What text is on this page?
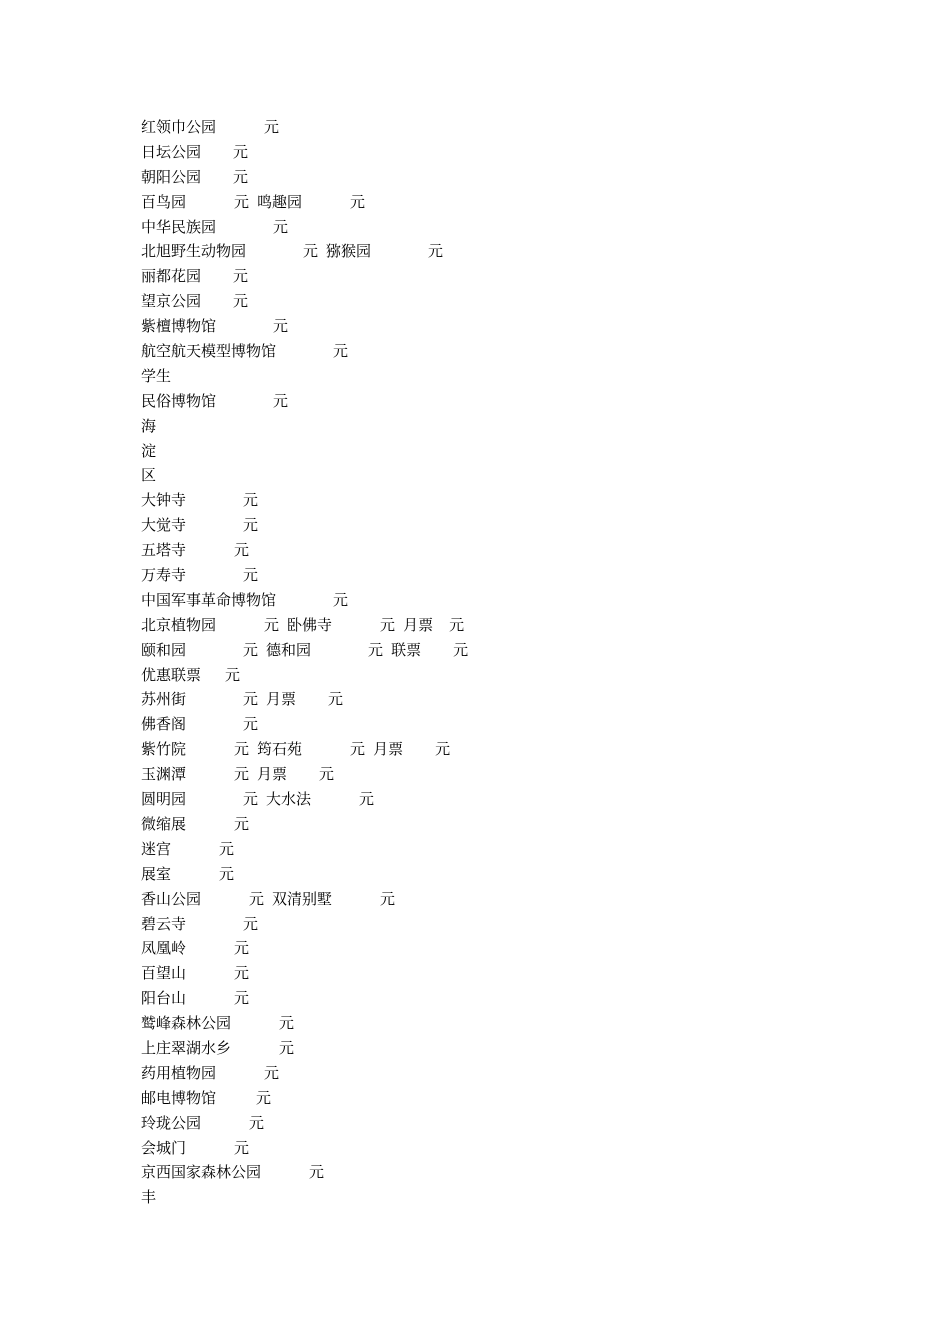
红领巾公园	元
日坛公园 元
朝阳公园 元
百鸟园	元 鸣趣园	元
中华民族园	元
北旭野生动物园	元 猕猴园	元
丽都花园 元
望京公园 元
紫檀博物馆	元
航空航天模型博物馆	元
学生
民俗博物馆	元
海
淀
区
大钟寺	元
大觉寺	元
五塔寺	元
万寿寺	元
中国军事革命博物馆	元
北京植物园	元 卧佛寺	元 月票 元
颐和园	元 德和园	元 联票 元
优惠联票 元
苏州街	元 月票 元
佛香阁	元
紫竹院	元 筠石苑	元 月票 元
玉渊潭	元 月票 元
圆明园	元 大水法	元
微缩展	元
迷宫	元
展室	元
香山公园	元 双清别墅	元
碧云寺	元
凤凰岭	元
百望山	元
阳台山	元
鹫峰森林公园	元
上庄翠湖水乡	元
药用植物园	元
邮电博物馆	元
玲珑公园	元
会城门	元
京西国家森林公园	元
丰
